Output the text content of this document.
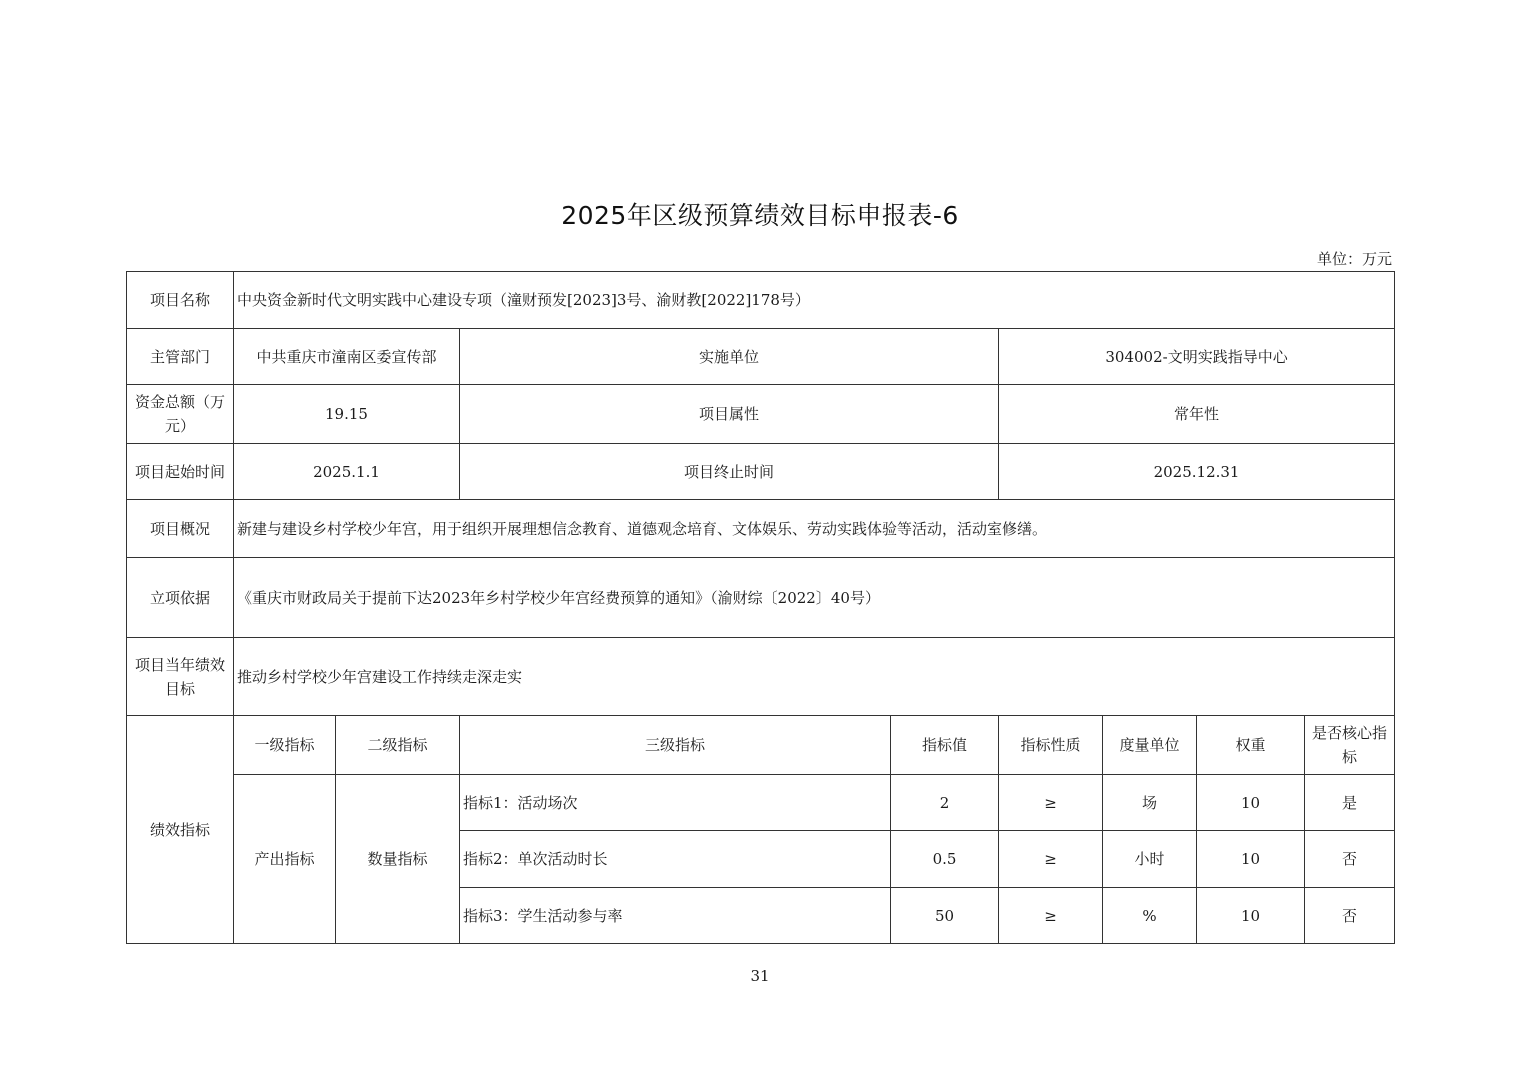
2025年区级预算绩效目标申报表-6
单位：万元
项目名称	中央资金新时代文明实践中心建设专项（潼财预发[2023]3号、渝财教[2022]178号）							
主管部门	中共重庆市潼南区委宣传部		实施单位		304002-文明实践指导中心			
资金总额（万元）	19.15		项目属性		常年性			
项目起始时间	2025.1.1		项目终止时间		2025.12.31			
项目概况	新建与建设乡村学校少年宫，用于组织开展理想信念教育、道德观念培育、文体娱乐、劳动实践体验等活动，活动室修缮。							
立项依据	《重庆市财政局关于提前下达2023年乡村学校少年宫经费预算的通知》（渝财综〔2022〕40号）							
项目当年绩效目标	推动乡村学校少年宫建设工作持续走深走实							
绩效指标	一级指标	二级指标	三级指标	指标值	指标性质	度量单位	权重	是否核心指标
	产出指标	数量指标	指标1：活动场次	2	≥	场	10	是
			指标2：单次活动时长	0.5	≥	小时	10	否
			指标3：学生活动参与率	50	≥	%	10	否
31
